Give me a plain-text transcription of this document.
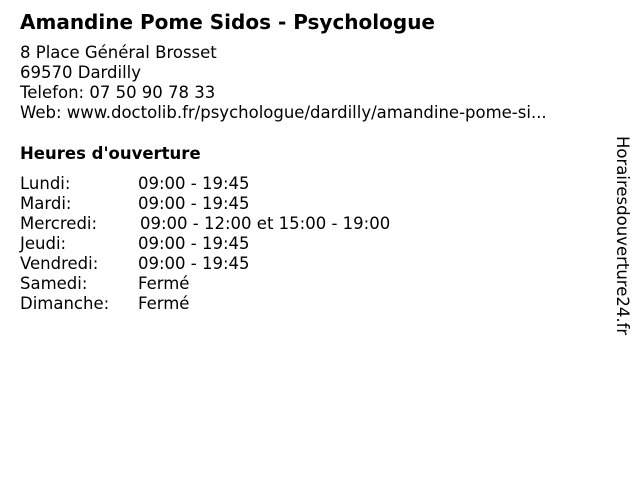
Amandine Pome Sidos - Psychologue
8 Place Général Brosset
69570 Dardilly
Telefon: 07 50 90 78 33
Web: www.doctolib.fr/psychologue/dardilly/amandine-pome-si...
Heures d'ouverture
Lundi:	09:00 - 19:45
Mardi:	09:00 - 19:45
Mercredi:	09:00 - 12:00 et 15:00 - 19:00
Jeudi:	09:00 - 19:45
Vendredi: 09:00 - 19:45
Samedi:	Fermé
Dimanche: Fermé	Horairesdouverture24.fr
